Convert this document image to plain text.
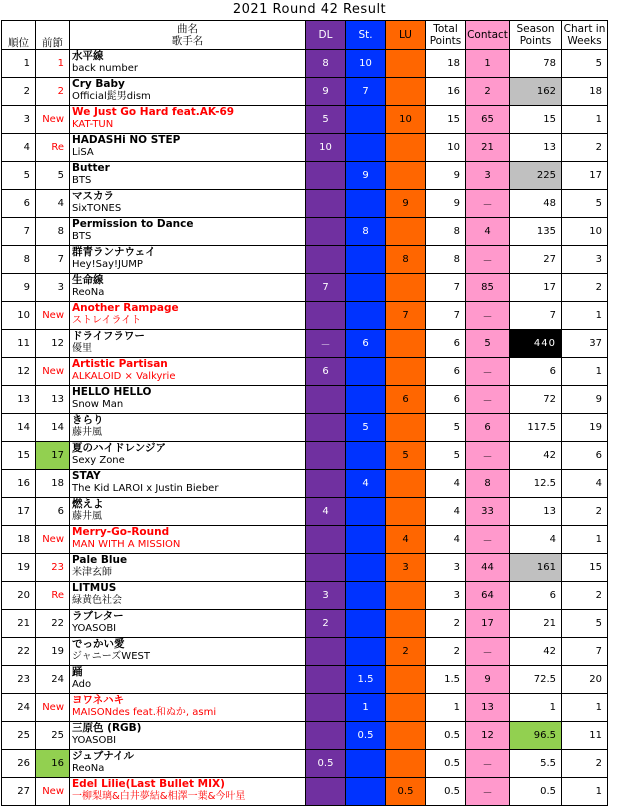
2021 Round 42 Result
順位	前節	曲名
歌手名	DL	St.	LU	Total Points	Contact	Season Points	Chart in Weeks
1	1	水平線
back number	8	10		18	1	78	5
2	2	Cry Baby
Official髭男dism	9	7		16	2	162	18
3	New	We Just Go Hard feat.AK-69
KAT-TUN	5		10	15	65	15	1
4	Re	HADASHi NO STEP
LiSA	10			10	21	13	2
5	5	Butter
BTS		9		9	3	225	17
6	4	マスカラ
SixTONES			9	9	－	48	5
7	8	Permission to Dance
BTS		8		8	4	135	10
8	7	群青ランナウェイ
Hey!Say!JUMP			8	8	－	27	3
9	3	生命線
ReoNa	7			7	85	17	2
10	New	Another Rampage
ストレイライト			7	7	－	7	1
11	12	ドライフラワー
優里	－	6		6	5	440	37
12	New	Artistic Partisan
ALKALOID × Valkyrie	6			6	－	6	1
13	13	HELLO HELLO
Snow Man			6	6	－	72	9
14	14	きらり
藤井風		5		5	6	117.5	19
15	17	夏のハイドレンジア
Sexy Zone			5	5	－	42	6
16	18	STAY
The Kid LAROI x Justin Bieber		4		4	8	12.5	4
17	6	燃えよ
藤井風	4			4	33	13	2
18	New	Merry-Go-Round
MAN WITH A MISSION			4	4	－	4	1
19	23	Pale Blue
米津玄師			3	3	44	161	15
20	Re	LITMUS
緑黄色社会	3			3	64	6	2
21	22	ラブレター
YOASOBI	2			2	17	21	5
22	19	でっかい愛
ジャニーズWEST			2	2	－	42	7
23	24	踊
Ado		1.5		1.5	9	72.5	20
24	New	ヨワネハキ
MAISONdes feat.和ぬか, asmi		1		1	13	1	1
25	25	三原色 (RGB)
YOASOBI		0.5		0.5	12	96.5	11
26	16	ジュブナイル
ReoNa	0.5			0.5	－	5.5	2
27	New	Edel Lilie(Last Bullet MIX)
一柳梨璃&白井夢結&相澤一葉&今叶星			0.5	0.5	－	0.5	1
